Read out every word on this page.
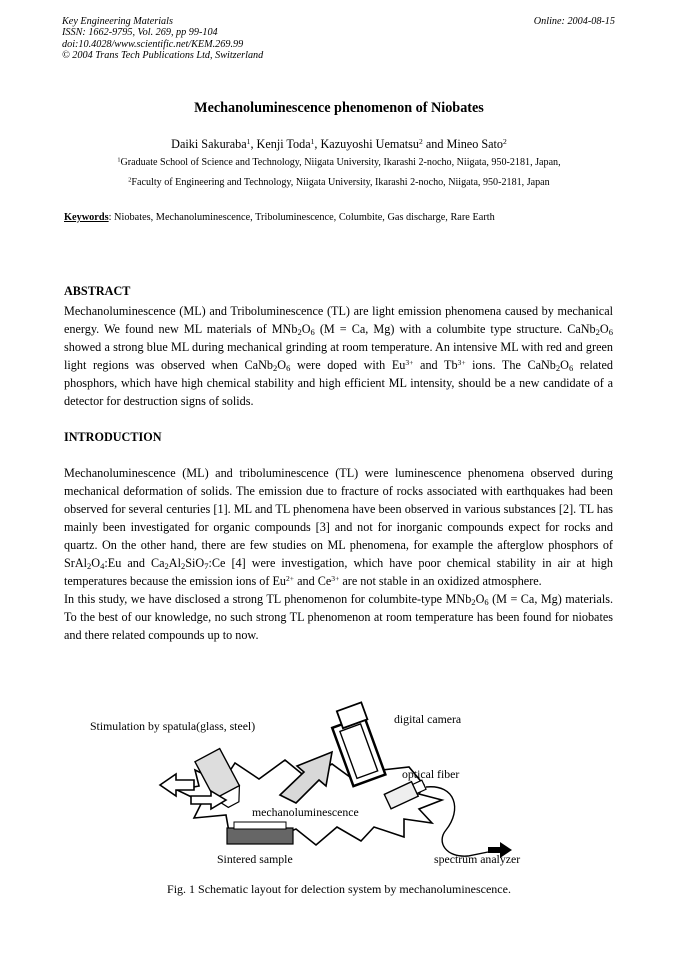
Key Engineering Materials
ISSN: 1662-9795, Vol. 269, pp 99-104
doi:10.4028/www.scientific.net/KEM.269.99
© 2004 Trans Tech Publications Ltd, Switzerland
Online: 2004-08-15
Mechanoluminescence phenomenon of Niobates
Daiki Sakuraba$^1$, Kenji Toda$^1$, Kazuyoshi Uematsu$^2$ and Mineo Sato$^2$
$^1$Graduate School of Science and Technology, Niigata University, Ikarashi 2-nocho, Niigata, 950-2181, Japan,
$^2$Faculty of Engineering and Technology, Niigata University, Ikarashi 2-nocho, Niigata, 950-2181, Japan
Keywords: Niobates, Mechanoluminescence, Triboluminescence, Columbite, Gas discharge, Rare Earth
ABSTRACT
Mechanoluminescence (ML) and Triboluminescence (TL) are light emission phenomena caused by mechanical energy. We found new ML materials of $MNb_2O_6$ (M = Ca, Mg) with a columbite type structure. $CaNb_2O_6$ showed a strong blue ML during mechanical grinding at room temperature. An intensive ML with red and green light regions was observed when $CaNb_2O_6$ were doped with $Eu^{3+}$ and $Tb^{3+}$ ions. The $CaNb_2O_6$ related phosphors, which have high chemical stability and high efficient ML intensity, should be a new candidate of a detector for destruction signs of solids.
INTRODUCTION

Mechanoluminescence (ML) and triboluminescence (TL) were luminescence phenomena observed during mechanical deformation of solids. The emission due to fracture of rocks associated with earthquakes had been observed for several centuries [1]. ML and TL phenomena have been observed in various substances [2]. TL has mainly been investigated for organic compounds [3] and not for inorganic compounds expect for rocks and quartz. On the other hand, there are few studies on ML phenomena, for example the afterglow phosphors of $SrAl_2O_4:Eu$ and $Ca_2Al_2SiO_7:Ce$ [4] were investigation, which have poor chemical stability in air at high temperatures because the emission ions of $Eu^{2+}$ and $Ce^{3+}$ are not stable in an oxidized atmosphere.

In this study, we have disclosed a strong TL phenomenon for columbite-type $MNb_2O_6$ (M = Ca, Mg) materials. To the best of our knowledge, no such strong TL phenomenon at room temperature has been found for niobates and there related compounds up to now.

Stimulation by spatula(glass, steel)	digital camera
optical fiber
mechanoluminescence
Sintered sample	spectrum analyzer
Fig. 1 Schematic layout for delection system by mechanoluminescence.
